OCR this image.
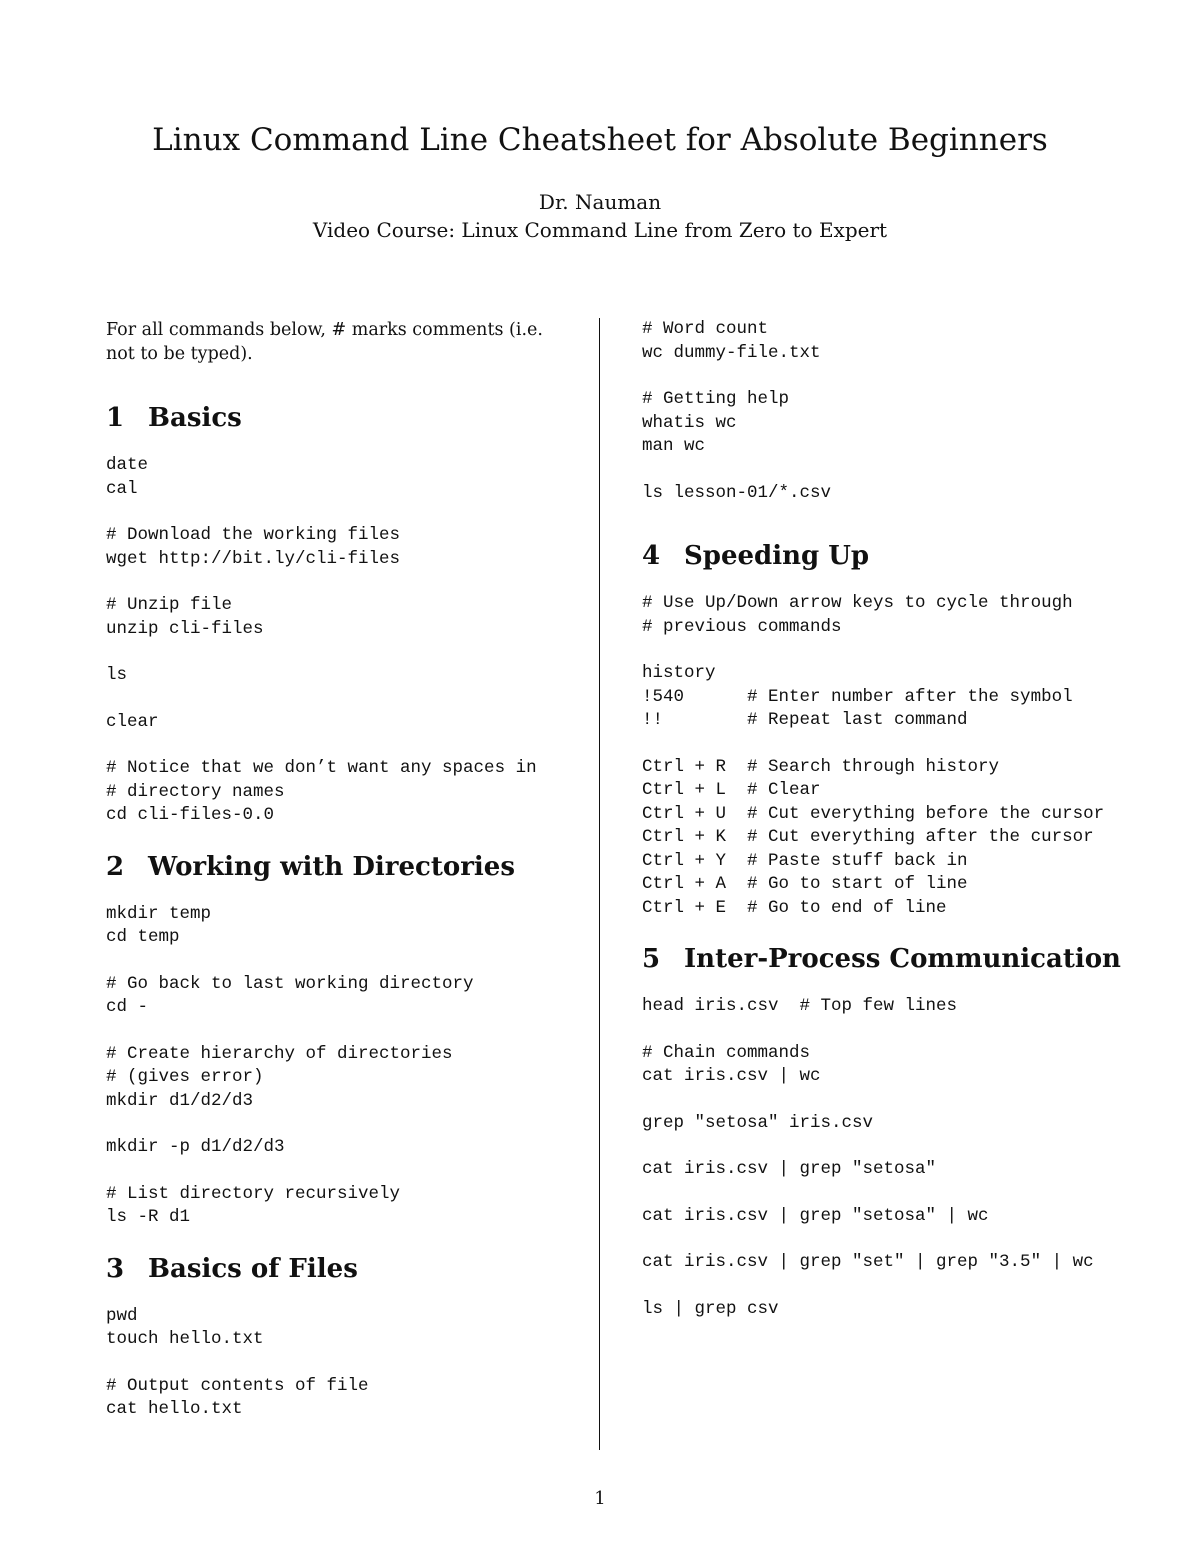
Linux Command Line Cheatsheet for Absolute Beginners
Dr. Nauman
Video Course: Linux Command Line from Zero to Expert

For all commands below, # marks comments (i.e. not to be typed).

1 Basics
date
cal
# Download the working files
wget http://bit.ly/cli-files
# Unzip file
unzip cli-files
ls
clear
# Notice that we don’t want any spaces in
# directory names
cd cli-files-0.0
2 Working with Directories
mkdir temp
cd temp
# Go back to last working directory
cd -
# Create hierarchy of directories
# (gives error)
mkdir d1/d2/d3
mkdir -p d1/d2/d3
# List directory recursively
ls -R d1
3 Basics of Files
pwd
touch hello.txt
# Output contents of file
cat hello.txt
# Word count
wc dummy-file.txt
# Getting help
whatis wc
man wc
ls lesson-01/*.csv
4 Speeding Up
# Use Up/Down arrow keys to cycle through
# previous commands
history
!540      # Enter number after the symbol
!!        # Repeat last command
Ctrl + R  # Search through history
Ctrl + L  # Clear
Ctrl + U  # Cut everything before the cursor
Ctrl + K  # Cut everything after the cursor
Ctrl + Y  # Paste stuff back in
Ctrl + A  # Go to start of line
Ctrl + E  # Go to end of line
5 Inter-Process Communication
head iris.csv  # Top few lines
# Chain commands
cat iris.csv | wc
grep "setosa" iris.csv
cat iris.csv | grep "setosa"
cat iris.csv | grep "setosa" | wc
cat iris.csv | grep "set" | grep "3.5" | wc
ls | grep csv
1
